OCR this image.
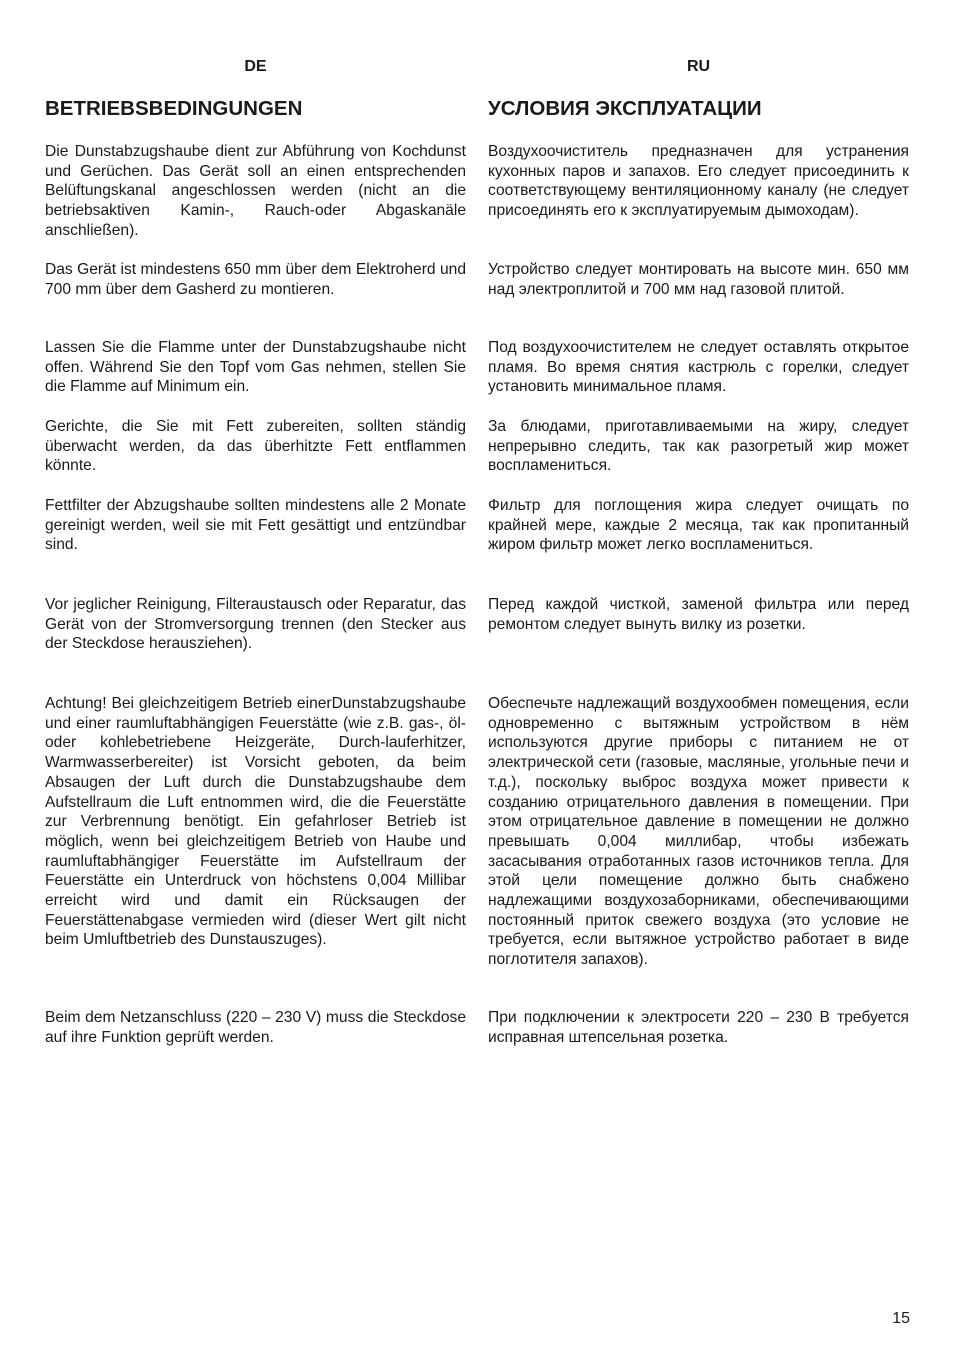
DE
BETRIEBSBEDINGUNGEN

Die Dunstabzugshaube dient zur Abführung von Kochdunst und Gerüchen. Das Gerät soll an einen entsprechenden Belüftungskanal angeschlossen werden (nicht an die betriebsaktiven Kamin-, Rauch-oder Abgaskanäle anschließen).

Das Gerät ist mindestens 650 mm über dem Elektroherd und 700 mm über dem Gasherd zu montieren.

Lassen Sie die Flamme unter der Dunstabzugshaube nicht offen. Während Sie den Topf vom Gas nehmen, stellen Sie die Flamme auf Minimum ein.

Gerichte, die Sie mit Fett zubereiten, sollten ständig überwacht werden, da das überhitzte Fett entflammen könnte.

Fettfilter der Abzugshaube sollten mindestens alle 2 Monate gereinigt werden, weil sie mit Fett gesättigt und entzündbar sind.

Vor jeglicher Reinigung, Filteraustausch oder Reparatur, das Gerät von der Stromversorgung trennen (den Stecker aus der Steckdose herausziehen).

Achtung! Bei gleichzeitigem Betrieb einerDunstabzugshaube und einer raumluftabhängigen Feuerstätte (wie z.B. gas-, öl- oder kohlebetriebene Heizgeräte, Durch-lauferhitzer, Warmwasserbereiter) ist Vorsicht geboten, da beim Absaugen der Luft durch die Dunstabzugshaube dem Aufstellraum die Luft entnommen wird, die die Feuerstätte zur Verbrennung benötigt. Ein gefahrloser Betrieb ist möglich, wenn bei gleichzeitigem Betrieb von Haube und raumluftabhängiger Feuerstätte im Aufstellraum der Feuerstätte ein Unterdruck von höchstens 0,004 Millibar erreicht wird und damit ein Rücksaugen der Feuerstättenabgase vermieden wird (dieser Wert gilt nicht beim Umluftbetrieb des Dunstauszuges).

Beim dem Netzanschluss (220 – 230 V) muss die Steckdose auf ihre Funktion geprüft werden.

RU
УСЛОВИЯ ЭКСПЛУАТАЦИИ

Воздухоочиститель предназначен для устранения кухонных паров и запахов. Его следует присоединить к соответствующему вентиляционному каналу (не следует присоединять его к эксплуатируемым дымоходам).

Устройство следует монтировать на высоте мин. 650 мм над электроплитой и 700 мм над газовой плитой.

Под воздухоочистителем не следует оставлять открытое пламя. Во время снятия кастрюль с горелки, следует установить минимальное пламя.

За блюдами, приготавливаемыми на жиру, следует непрерывно следить, так как разогретый жир может воспламениться.

Фильтр для поглощения жира следует очищать по крайней мере, каждые 2 месяца, так как пропитанный жиром фильтр может легко воспламениться.

Перед каждой чисткой, заменой фильтра или перед ремонтом следует вынуть вилку из розетки.

Обеспечьте надлежащий воздухообмен помещения, если одновременно с вытяжным устройством в нём используются другие приборы с питанием не от электрической сети (газовые, масляные, угольные печи и т.д.), поскольку выброс воздуха может привести к созданию отрицательного давления в помещении. При этом отрицательное давление в помещении не должно превышать 0,004 миллибар, чтобы избежать засасывания отработанных газов источников тепла. Для этой цели помещение должно быть снабжено надлежащими воздухозаборниками, обеспечивающими постоянный приток свежего воздуха (это условие не требуется, если вытяжное устройство работает в виде поглотителя запахов).

При подключении к электросети 220 – 230 В требуется исправная штепсельная розетка.

15
